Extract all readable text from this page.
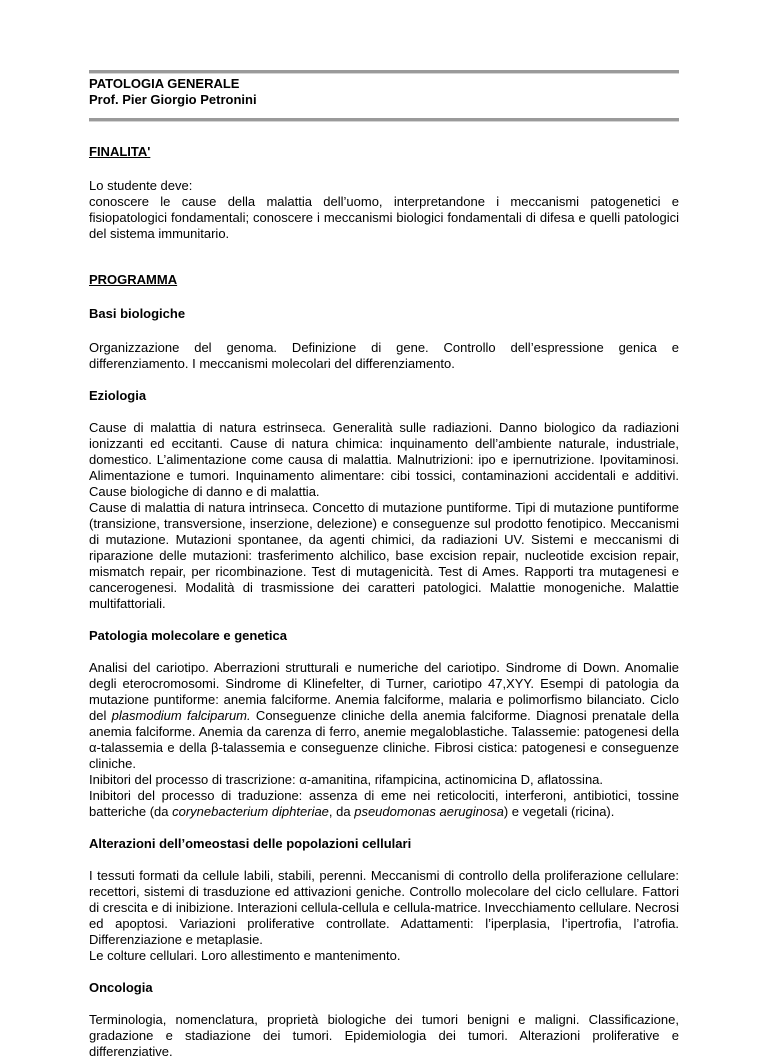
PATOLOGIA GENERALE
Prof. Pier Giorgio Petronini
FINALITA'

Lo studente deve:

conoscere le cause della malattia dell’uomo, interpretandone i meccanismi patogenetici e fisiopatologici fondamentali; conoscere i meccanismi biologici fondamentali di difesa e quelli patologici del sistema immunitario.

PROGRAMMA
Basi biologiche

Organizzazione del genoma. Definizione di gene. Controllo dell’espressione genica e differenziamento. I meccanismi molecolari del differenziamento.

Eziologia

Cause di malattia di natura estrinseca. Generalità sulle radiazioni. Danno biologico da radiazioni ionizzanti ed eccitanti. Cause di natura chimica: inquinamento dell’ambiente naturale, industriale, domestico. L’alimentazione come causa di malattia. Malnutrizioni: ipo e ipernutrizione. Ipovitaminosi. Alimentazione e tumori. Inquinamento alimentare: cibi tossici, contaminazioni accidentali e additivi. Cause biologiche di danno e di malattia.

Cause di malattia di natura intrinseca. Concetto di mutazione puntiforme. Tipi di mutazione puntiforme (transizione, transversione, inserzione, delezione) e conseguenze sul prodotto fenotipico. Meccanismi di mutazione. Mutazioni spontanee, da agenti chimici, da radiazioni UV. Sistemi e meccanismi di riparazione delle mutazioni: trasferimento alchilico, base excision repair, nucleotide excision repair, mismatch repair, per ricombinazione. Test di mutagenicità. Test di Ames. Rapporti tra mutagenesi e cancerogenesi. Modalità di trasmissione dei caratteri patologici. Malattie monogeniche. Malattie multifattoriali.

Patologia molecolare e genetica

Analisi del cariotipo. Aberrazioni strutturali e numeriche del cariotipo. Sindrome di Down. Anomalie degli eterocromosomi. Sindrome di Klinefelter, di Turner, cariotipo 47,XYY. Esempi di patologia da mutazione puntiforme: anemia falciforme. Anemia falciforme, malaria e polimorfismo bilanciato. Ciclo del plasmodium falciparum. Conseguenze cliniche della anemia falciforme. Diagnosi prenatale della anemia falciforme. Anemia da carenza di ferro, anemie megaloblastiche. Talassemie: patogenesi della α-talassemia e della β-talassemia e conseguenze cliniche. Fibrosi cistica: patogenesi e conseguenze cliniche.

Inibitori del processo di trascrizione: α-amanitina, rifampicina, actinomicina D, aflatossina.

Inibitori del processo di traduzione: assenza di eme nei reticolociti, interferoni, antibiotici, tossine batteriche (da corynebacterium diphteriae, da pseudomonas aeruginosa) e vegetali (ricina).

Alterazioni dell’omeostasi delle popolazioni cellulari

I tessuti formati da cellule labili, stabili, perenni. Meccanismi di controllo della proliferazione cellulare: recettori, sistemi di trasduzione ed attivazioni geniche. Controllo molecolare del ciclo cellulare. Fattori di crescita e di inibizione. Interazioni cellula-cellula e cellula-matrice. Invecchiamento cellulare. Necrosi ed apoptosi. Variazioni proliferative controllate. Adattamenti: l’iperplasia, l’ipertrofia, l’atrofia. Differenziazione e metaplasie.

Le colture cellulari. Loro allestimento e mantenimento.

Oncologia

Terminologia, nomenclatura, proprietà biologiche dei tumori benigni e maligni. Classificazione, gradazione e stadiazione dei tumori. Epidemiologia dei tumori. Alterazioni proliferative e differenziative.
